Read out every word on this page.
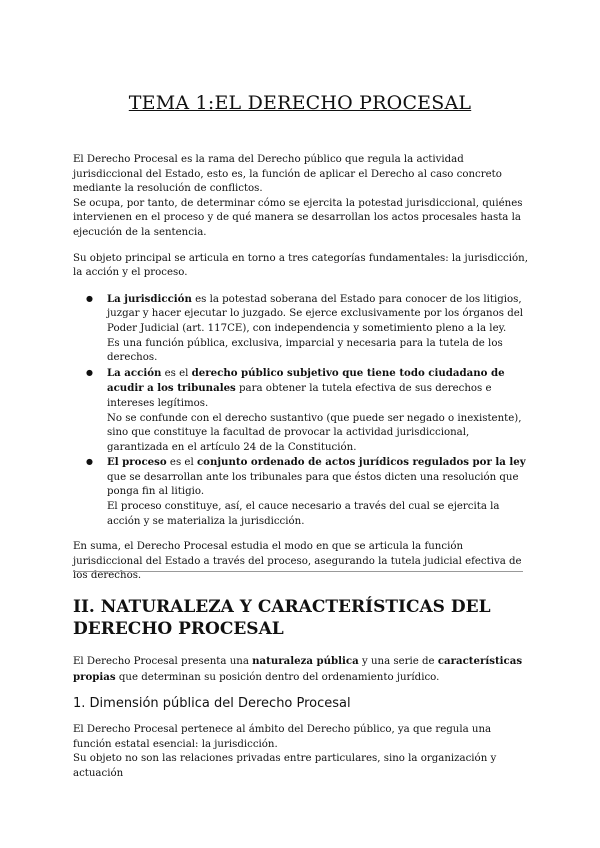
TEMA 1:EL DERECHO PROCESAL

El Derecho Procesal es la rama del Derecho público que regula la actividad jurisdiccional del Estado, esto es, la función de aplicar el Derecho al caso concreto mediante la resolución de conflictos.

Se ocupa, por tanto, de determinar cómo se ejercita la potestad jurisdiccional, quiénes intervienen en el proceso y de qué manera se desarrollan los actos procesales hasta la ejecución de la sentencia.

Su objeto principal se articula en torno a tres categorías fundamentales: la jurisdicción, la acción y el proceso.

● La jurisdicción es la potestad soberana del Estado para conocer de los litigios, juzgar y hacer ejecutar lo juzgado. Se ejerce exclusivamente por los órganos del Poder Judicial (art. 117CE), con independencia y sometimiento pleno a la ley.

Es una función pública, exclusiva, imparcial y necesaria para la tutela de los derechos.

● La acción es el derecho público subjetivo que tiene todo ciudadano de acudir a los tribunales para obtener la tutela efectiva de sus derechos e intereses legítimos.

No se confunde con el derecho sustantivo (que puede ser negado o inexistente), sino que constituye la facultad de provocar la actividad jurisdiccional, garantizada en el artículo 24 de la Constitución.

● El proceso es el conjunto ordenado de actos jurídicos regulados por la ley que se desarrollan ante los tribunales para que éstos dicten una resolución que ponga fin al litigio.

El proceso constituye, así, el cauce necesario a través del cual se ejercita la acción y se materializa la jurisdicción.

En suma, el Derecho Procesal estudia el modo en que se articula la función jurisdiccional del Estado a través del proceso, asegurando la tutela judicial efectiva de los derechos.

II. NATURALEZA Y CARACTERÍSTICAS DEL DERECHO PROCESAL

El Derecho Procesal presenta una naturaleza pública y una serie de características propias que determinan su posición dentro del ordenamiento jurídico.

1. Dimensión pública del Derecho Procesal

El Derecho Procesal pertenece al ámbito del Derecho público, ya que regula una función estatal esencial: la jurisdicción.

Su objeto no son las relaciones privadas entre particulares, sino la organización y actuación
